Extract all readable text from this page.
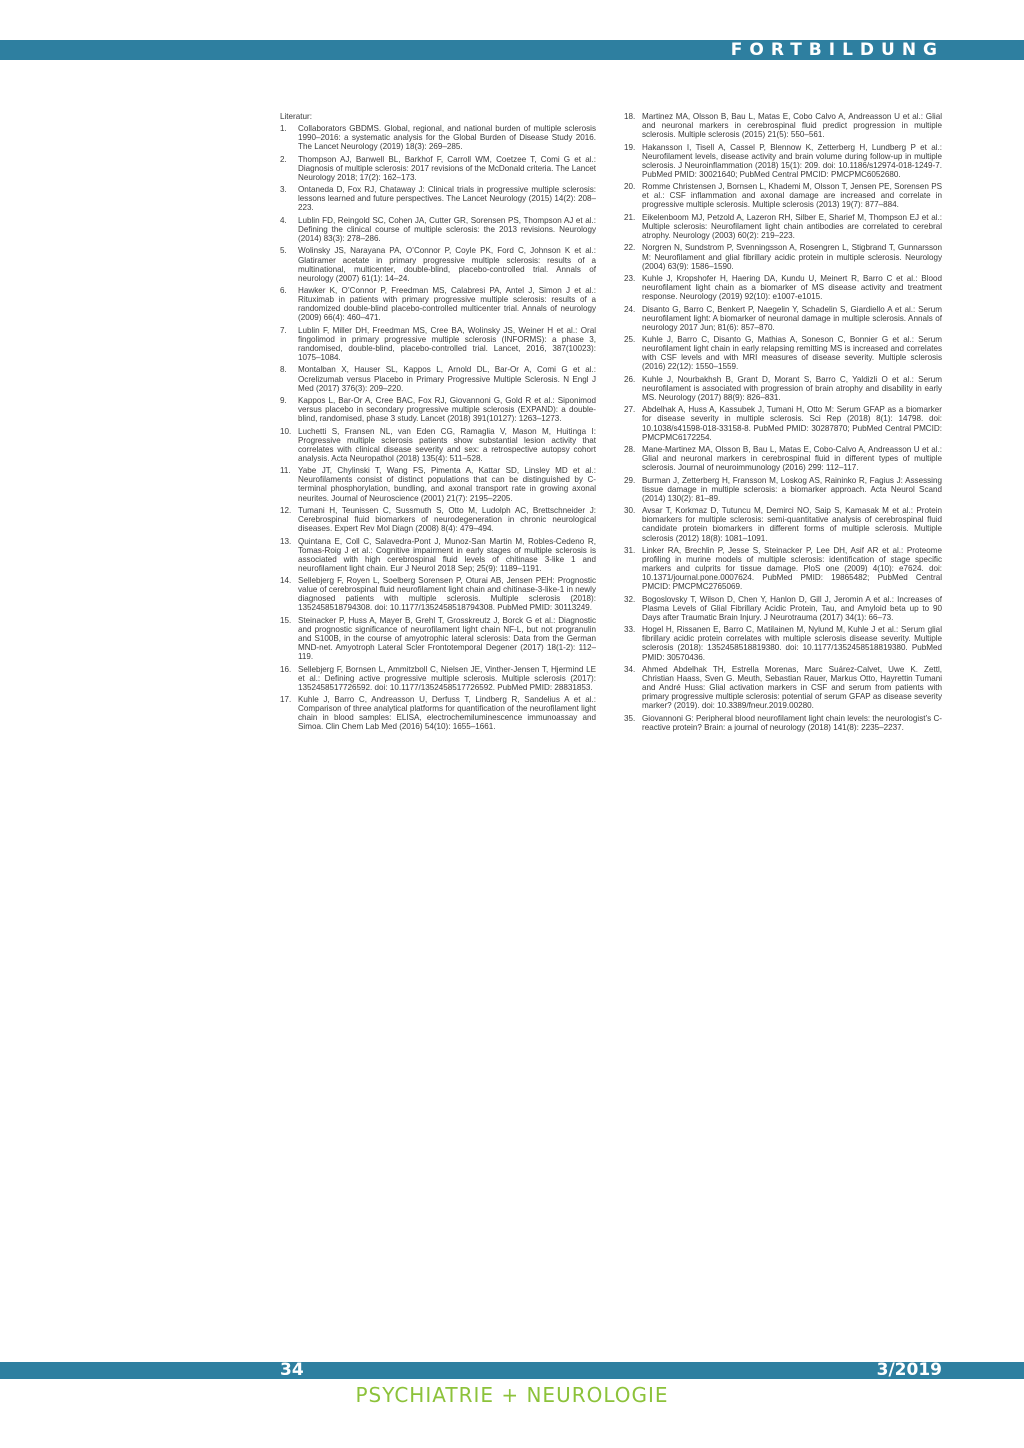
FORTBILDUNG

Literatur:

1. Collaborators GBDMS. Global, regional, and national burden of multiple sclerosis 1990–2016: a systematic analysis for the Global Burden of Disease Study 2016. The Lancet Neurology (2019) 18(3): 269–285.
2. Thompson AJ, Banwell BL, Barkhof F, Carroll WM, Coetzee T, Comi G et al.: Diagnosis of multiple sclerosis: 2017 revisions of the McDonald criteria. The Lancet Neurology 2018; 17(2): 162–173.
3. Ontaneda D, Fox RJ, Chataway J: Clinical trials in progressive multiple sclerosis: lessons learned and future perspectives. The Lancet Neurology (2015) 14(2): 208–223.
4. Lublin FD, Reingold SC, Cohen JA, Cutter GR, Sorensen PS, Thompson AJ et al.: Defining the clinical course of multiple sclerosis: the 2013 revisions. Neurology (2014) 83(3): 278–286.
5. Wolinsky JS, Narayana PA, O’Connor P, Coyle PK, Ford C, Johnson K et al.: Glatiramer acetate in primary progressive multiple sclerosis: results of a multinational, multicenter, double-blind, placebo-controlled trial. Annals of neurology (2007) 61(1): 14–24.
6. Hawker K, O’Connor P, Freedman MS, Calabresi PA, Antel J, Simon J et al.: Rituximab in patients with primary progressive multiple sclerosis: results of a randomized double-blind placebo-controlled multicenter trial. Annals of neurology (2009) 66(4): 460–471.
7. Lublin F, Miller DH, Freedman MS, Cree BA, Wolinsky JS, Weiner H et al.: Oral fingolimod in primary progressive multiple sclerosis (INFORMS): a phase 3, randomised, double-blind, placebo-controlled trial. Lancet, 2016, 387(10023): 1075–1084.
8. Montalban X, Hauser SL, Kappos L, Arnold DL, Bar-Or A, Comi G et al.: Ocrelizumab versus Placebo in Primary Progressive Multiple Sclerosis. N Engl J Med (2017) 376(3): 209–220.
9. Kappos L, Bar-Or A, Cree BAC, Fox RJ, Giovannoni G, Gold R et al.: Siponimod versus placebo in secondary progressive multiple sclerosis (EXPAND): a double-blind, randomised, phase 3 study. Lancet (2018) 391(10127): 1263–1273.
10. Luchetti S, Fransen NL, van Eden CG, Ramaglia V, Mason M, Huitinga I: Progressive multiple sclerosis patients show substantial lesion activity that correlates with clinical disease severity and sex: a retrospective autopsy cohort analysis. Acta Neuropathol (2018) 135(4): 511–528.
11. Yabe JT, Chylinski T, Wang FS, Pimenta A, Kattar SD, Linsley MD et al.: Neurofilaments consist of distinct populations that can be distinguished by C-terminal phosphorylation, bundling, and axonal transport rate in growing axonal neurites. Journal of Neuroscience (2001) 21(7): 2195–2205.
12. Tumani H, Teunissen C, Sussmuth S, Otto M, Ludolph AC, Brettschneider J: Cerebrospinal fluid biomarkers of neurodegeneration in chronic neurological diseases. Expert Rev Mol Diagn (2008) 8(4): 479–494.
13. Quintana E, Coll C, Salavedra-Pont J, Munoz-San Martin M, Robles-Cedeno R, Tomas-Roig J et al.: Cognitive impairment in early stages of multiple sclerosis is associated with high cerebrospinal fluid levels of chitinase 3-like 1 and neurofilament light chain. Eur J Neurol 2018 Sep; 25(9): 1189–1191.
14. Sellebjerg F, Royen L, Soelberg Sorensen P, Oturai AB, Jensen PEH: Prognostic value of cerebrospinal fluid neurofilament light chain and chitinase-3-like-1 in newly diagnosed patients with multiple sclerosis. Multiple sclerosis (2018): 1352458518794308. doi: 10.1177/1352458518794308. PubMed PMID: 30113249.
15. Steinacker P, Huss A, Mayer B, Grehl T, Grosskreutz J, Borck G et al.: Diagnostic and prognostic significance of neurofilament light chain NF-L, but not progranulin and S100B, in the course of amyotrophic lateral sclerosis: Data from the German MND-net. Amyotroph Lateral Scler Frontotemporal Degener (2017) 18(1-2): 112–119.
16. Sellebjerg F, Bornsen L, Ammitzboll C, Nielsen JE, Vinther-Jensen T, Hjermind LE et al.: Defining active progressive multiple sclerosis. Multiple sclerosis (2017): 1352458517726592. doi: 10.1177/1352458517726592. PubMed PMID: 28831853.
17. Kuhle J, Barro C, Andreasson U, Derfuss T, Lindberg R, Sandelius A et al.: Comparison of three analytical platforms for quantification of the neurofilament light chain in blood samples: ELISA, electrochemiluminescence immunoassay and Simoa. Clin Chem Lab Med (2016) 54(10): 1655–1661.
18. Martinez MA, Olsson B, Bau L, Matas E, Cobo Calvo A, Andreasson U et al.: Glial and neuronal markers in cerebrospinal fluid predict progression in multiple sclerosis. Multiple sclerosis (2015) 21(5): 550–561.
19. Hakansson I, Tisell A, Cassel P, Blennow K, Zetterberg H, Lundberg P et al.: Neurofilament levels, disease activity and brain volume during follow-up in multiple sclerosis. J Neuroinflammation (2018) 15(1): 209. doi: 10.1186/s12974-018-1249-7. PubMed PMID: 30021640; PubMed Central PMCID: PMCPMC6052680.
20. Romme Christensen J, Bornsen L, Khademi M, Olsson T, Jensen PE, Sorensen PS et al.: CSF inflammation and axonal damage are increased and correlate in progressive multiple sclerosis. Multiple sclerosis (2013) 19(7): 877–884.
21. Eikelenboom MJ, Petzold A, Lazeron RH, Silber E, Sharief M, Thompson EJ et al.: Multiple sclerosis: Neurofilament light chain antibodies are correlated to cerebral atrophy. Neurology (2003) 60(2): 219–223.
22. Norgren N, Sundstrom P, Svenningsson A, Rosengren L, Stigbrand T, Gunnarsson M: Neurofilament and glial fibrillary acidic protein in multiple sclerosis. Neurology (2004) 63(9): 1586–1590.
23. Kuhle J, Kropshofer H, Haering DA, Kundu U, Meinert R, Barro C et al.: Blood neurofilament light chain as a biomarker of MS disease activity and treatment response. Neurology (2019) 92(10): e1007-e1015.
24. Disanto G, Barro C, Benkert P, Naegelin Y, Schadelin S, Giardiello A et al.: Serum neurofilament light: A biomarker of neuronal damage in multiple sclerosis. Annals of neurology 2017 Jun; 81(6): 857–870.
25. Kuhle J, Barro C, Disanto G, Mathias A, Soneson C, Bonnier G et al.: Serum neurofilament light chain in early relapsing remitting MS is increased and correlates with CSF levels and with MRI measures of disease severity. Multiple sclerosis (2016) 22(12): 1550–1559.
26. Kuhle J, Nourbakhsh B, Grant D, Morant S, Barro C, Yaldizli O et al.: Serum neurofilament is associated with progression of brain atrophy and disability in early MS. Neurology (2017) 88(9): 826–831.
27. Abdelhak A, Huss A, Kassubek J, Tumani H, Otto M: Serum GFAP as a biomarker for disease severity in multiple sclerosis. Sci Rep (2018) 8(1): 14798. doi: 10.1038/s41598-018-33158-8. PubMed PMID: 30287870; PubMed Central PMCID: PMCPMC6172254.
28. Mane-Martinez MA, Olsson B, Bau L, Matas E, Cobo-Calvo A, Andreasson U et al.: Glial and neuronal markers in cerebrospinal fluid in different types of multiple sclerosis. Journal of neuroimmunology (2016) 299: 112–117.
29. Burman J, Zetterberg H, Fransson M, Loskog AS, Raininko R, Fagius J: Assessing tissue damage in multiple sclerosis: a biomarker approach. Acta Neurol Scand (2014) 130(2): 81–89.
30. Avsar T, Korkmaz D, Tutuncu M, Demirci NO, Saip S, Kamasak M et al.: Protein biomarkers for multiple sclerosis: semi-quantitative analysis of cerebrospinal fluid candidate protein biomarkers in different forms of multiple sclerosis. Multiple sclerosis (2012) 18(8): 1081–1091.
31. Linker RA, Brechlin P, Jesse S, Steinacker P, Lee DH, Asif AR et al.: Proteome profiling in murine models of multiple sclerosis: identification of stage specific markers and culprits for tissue damage. PloS one (2009) 4(10): e7624. doi: 10.1371/journal.pone.0007624. PubMed PMID: 19865482; PubMed Central PMCID: PMCPMC2765069.
32. Bogoslovsky T, Wilson D, Chen Y, Hanlon D, Gill J, Jeromin A et al.: Increases of Plasma Levels of Glial Fibrillary Acidic Protein, Tau, and Amyloid beta up to 90 Days after Traumatic Brain Injury. J Neurotrauma (2017) 34(1): 66–73.
33. Hogel H, Rissanen E, Barro C, Matilainen M, Nylund M, Kuhle J et al.: Serum glial fibrillary acidic protein correlates with multiple sclerosis disease severity. Multiple sclerosis (2018): 1352458518819380. doi: 10.1177/1352458518819380. PubMed PMID: 30570436.
34. Ahmed Abdelhak TH, Estrella Morenas, Marc Suárez-Calvet, Uwe K. Zettl, Christian Haass, Sven G. Meuth, Sebastian Rauer, Markus Otto, Hayrettin Tumani and André Huss: Glial activation markers in CSF and serum from patients with primary progressive multiple sclerosis: potential of serum GFAP as disease severity marker? (2019). doi: 10.3389/fneur.2019.00280.
35. Giovannoni G: Peripheral blood neurofilament light chain levels: the neurologist’s C-reactive protein? Brain: a journal of neurology (2018) 141(8): 2235–2237.
34	3/2019
PSYCHIATRIE + NEUROLOGIE
